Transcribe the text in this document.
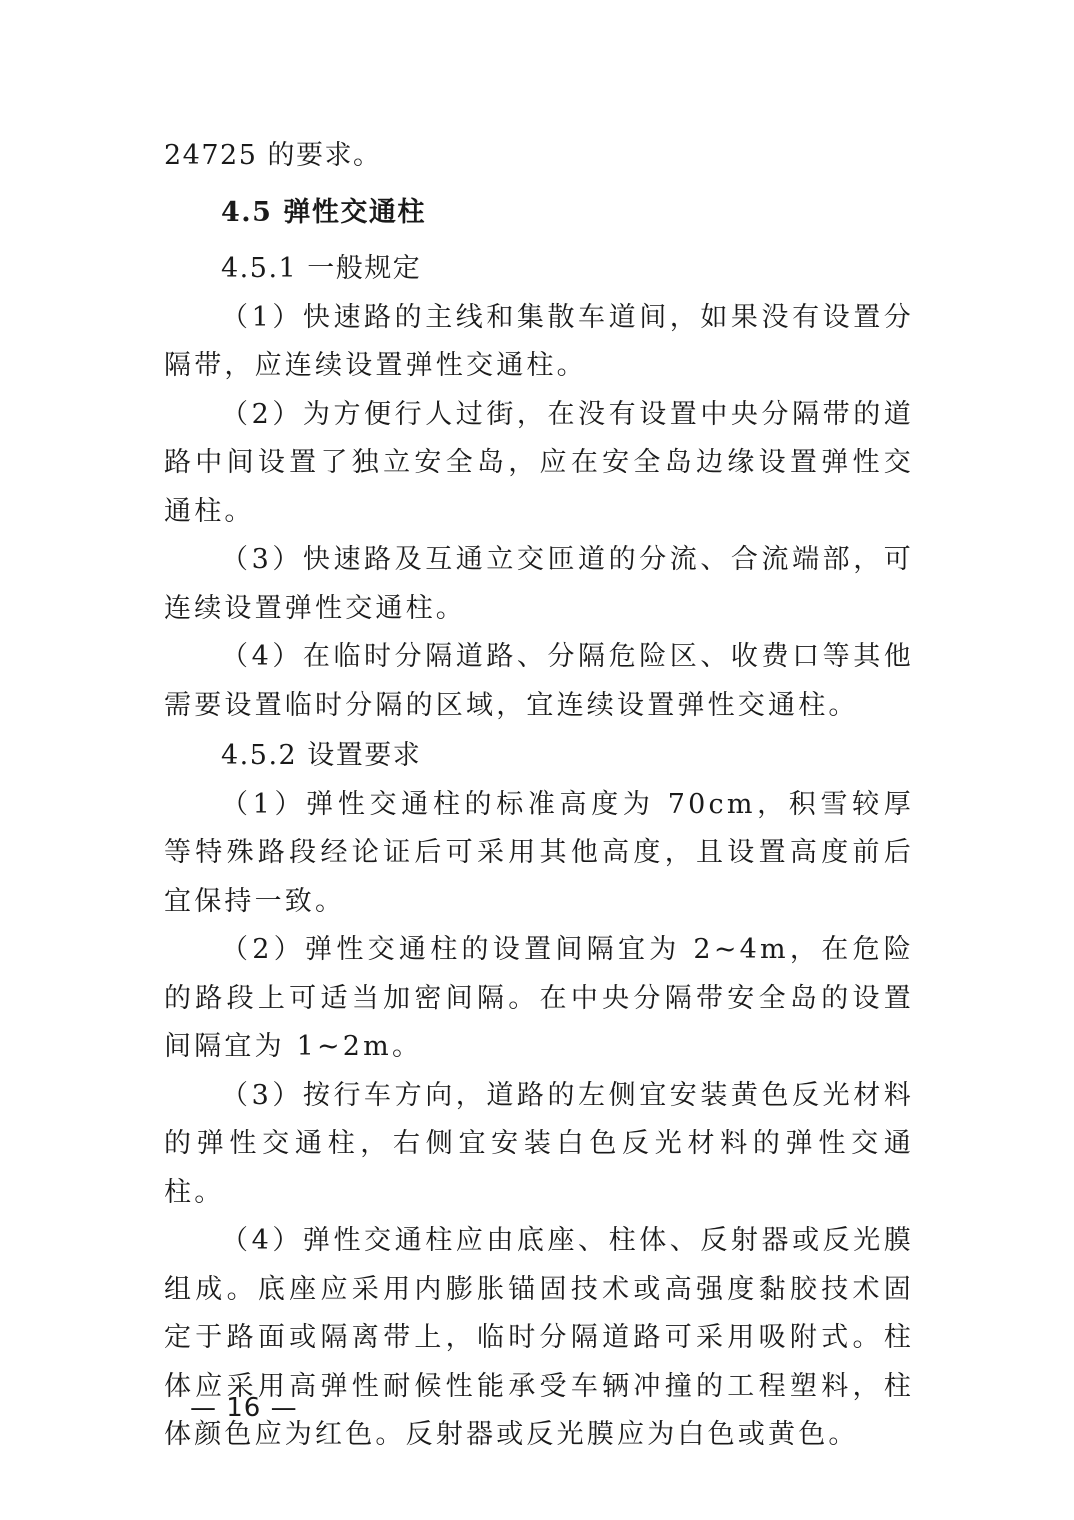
24725 的要求。
4.5 弹性交通柱
4.5.1 一般规定

（1）快速路的主线和集散车道间，如果没有设置分隔带，应连续设置弹性交通柱。

（2）为方便行人过街，在没有设置中央分隔带的道路中间设置了独立安全岛，应在安全岛边缘设置弹性交通柱。

（3）快速路及互通立交匝道的分流、合流端部，可连续设置弹性交通柱。

（4）在临时分隔道路、分隔危险区、收费口等其他需要设置临时分隔的区域，宜连续设置弹性交通柱。

4.5.2 设置要求

（1）弹性交通柱的标准高度为 70cm，积雪较厚等特殊路段经论证后可采用其他高度，且设置高度前后宜保持一致。

（2）弹性交通柱的设置间隔宜为 2~4m，在危险的路段上可适当加密间隔。在中央分隔带安全岛的设置间隔宜为 1~2m。

（3）按行车方向，道路的左侧宜安装黄色反光材料的弹性交通柱，右侧宜安装白色反光材料的弹性交通柱。

（4）弹性交通柱应由底座、柱体、反射器或反光膜组成。底座应采用内膨胀锚固技术或高强度黏胶技术固定于路面或隔离带上，临时分隔道路可采用吸附式。柱体应采用高弹性耐候性能承受车辆冲撞的工程塑料，柱体颜色应为红色。反射器或反光膜应为白色或黄色。

— 16 —
